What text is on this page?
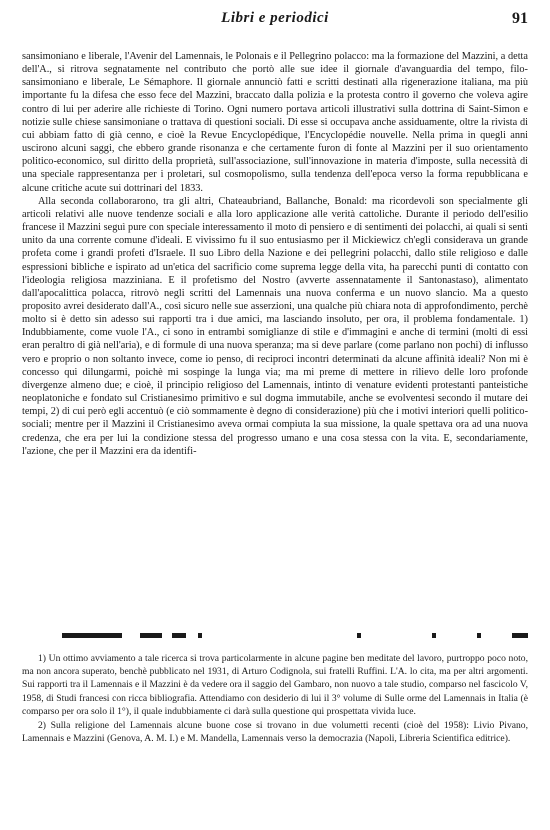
Libri e periodici	91

sansimoniano e liberale, l'Avenir del Lamennais, le Polonais e il Pellegrino polacco: ma la formazione del Mazzini, a detta dell'A., si ritrova segnatamente nel contributo che portò alle sue idee il giornale d'avanguardia del tempo, filo-sansimoniano e liberale, Le Sémaphore. Il giornale annunciò fatti e scritti destinati alla rigenerazione italiana, ma più importante fu la difesa che esso fece del Mazzini, braccato dalla polizia e la protesta contro il governo che voleva agire contro di lui per aderire alle richieste di Torino. Ogni numero portava articoli illustrativi sulla dottrina di Saint-Simon e notizie sulle chiese sansimoniane o trattava di questioni sociali. Di esse si occupava anche assiduamente, oltre la rivista di cui abbiam fatto di già cenno, e cioè la Revue Encyclopédique, l'Encyclopédie nouvelle. Nella prima in quegli anni uscirono alcuni saggi, che ebbero grande risonanza e che certamente furon di fonte al Mazzini per il suo orientamento politico-economico, sul diritto della proprietà, sull'associazione, sull'innovazione in materia d'imposte, sulla necessità di una speciale rappresentanza per i proletari, sul cosmopolismo, sulla tendenza dell'epoca verso la forma repubblicana e alcune critiche acute sui dottrinari del 1833.

Alla seconda collaborarono, tra gli altri, Chateaubriand, Ballanche, Bonald: ma ricordevoli son specialmente gli articoli relativi alle nuove tendenze sociali e alla loro applicazione alle verità cattoliche. Durante il periodo dell'esilio francese il Mazzini seguì pure con speciale interessamento il moto di pensiero e di sentimenti dei polacchi, ai quali si sentì unito da una corrente comune d'ideali. E vivissimo fu il suo entusiasmo per il Mickiewicz ch'egli considerava un grande profeta come i grandi profeti d'Israele. Il suo Libro della Nazione e dei pellegrini polacchi, dallo stile religioso e dalle espressioni bibliche e ispirato ad un'etica del sacrificio come suprema legge della vita, ha parecchi punti di contatto con l'ideologia religiosa mazziniana. E il profetismo del Nostro (avverte assennatamente il Santonastaso), alimentato dall'apocalittica polacca, ritrovò negli scritti del Lamennais una nuova conferma e un nuovo slancio. Ma a questo proposito avrei desiderato dall'A., così sicuro nelle sue asserzioni, una qualche più chiara nota di approfondimento, perchè molto si è detto sin adesso sui rapporti tra i due amici, ma lasciando insoluto, per ora, il problema fondamentale. 1) Indubbiamente, come vuole l'A., ci sono in entrambi somiglianze di stile e d'immagini e anche di termini (molti di essi eran peraltro di già nell'aria), e di formule di una nuova speranza; ma si deve parlare (come parlano non pochi) di influsso vero e proprio o non soltanto invece, come io penso, di reciproci incontri determinati da alcune affinità ideali? Non mi è concesso qui dilungarmi, poichè mi sospinge la lunga via; ma mi preme di mettere in rilievo delle loro profonde divergenze almeno due; e cioè, il principio religioso del Lamennais, intinto di venature evidenti protestanti panteistiche neoplatoniche e fondato sul Cristianesimo primitivo e sul dogma immutabile, anche se evolventesi secondo il mutare dei tempi, 2) di cui però egli accentuò (e ciò sommamente è degno di considerazione) più che i motivi interiori quelli politico-sociali; mentre per il Mazzini il Cristianesimo aveva ormai compiuta la sua missione, la quale spettava ora ad una nuova credenza, che era per lui la condizione stessa del progresso umano e una cosa stessa con la vita. E, secondariamente, l'azione, che per il Mazzini era da identifi-

1) Un ottimo avviamento a tale ricerca si trova particolarmente in alcune pagine ben meditate del lavoro, purtroppo poco noto, ma non ancora superato, benchè pubblicato nel 1931, di Arturo Codignola, sui fratelli Ruffini. L'A. lo cita, ma per altri argomenti. Sui rapporti tra il Lamennais e il Mazzini è da vedere ora il saggio del Gambaro, non nuovo a tale studio, comparso nel fascicolo V, 1958, di Studi francesi con ricca bibliografia. Attendiamo con desiderio di lui il 3° volume di Sulle orme del Lamennais in Italia (è comparso per ora solo il 1°), il quale indubbiamente ci darà sulla questione qui prospettata vivida luce.

2) Sulla religione del Lamennais alcune buone cose si trovano in due volumetti recenti (cioè del 1958): Livio Pivano, Lamennais e Mazzini (Genova, A. M. I.) e M. Mandella, Lamennais verso la democrazia (Napoli, Libreria Scientifica editrice).
